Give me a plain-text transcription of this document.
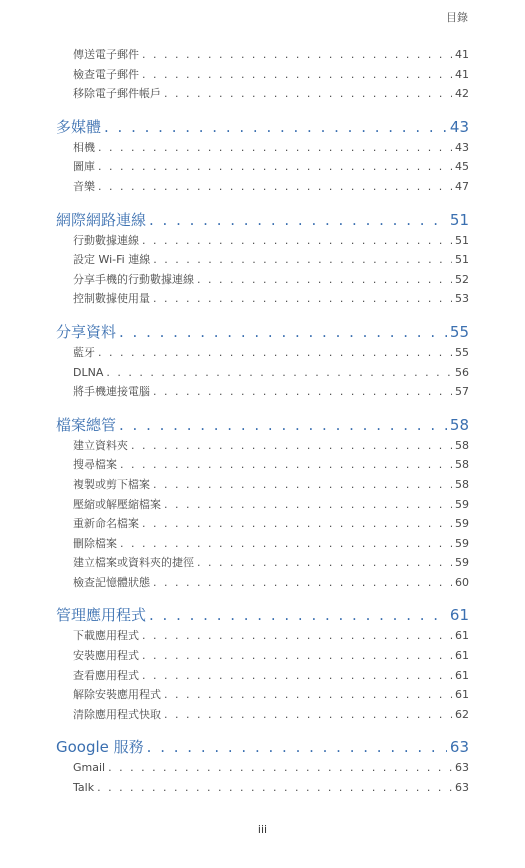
目錄
傳送電子郵件 . . .	41
檢查電子郵件 . . .	41
移除電子郵件帳戶 . . .	42
多媒體 . . .	43
相機 . . .	43
圖庫 . . .	45
音樂 . . .	47
網際網路連線 . . .	51
行動數據連線 . . .	51
設定 Wi-Fi 連線 . . .	51
分享手機的行動數據連線 . . .	52
控制數據使用量 . . .	53
分享資料 . . .	55
藍牙 . . .	55
DLNA . . .	56
將手機連接電腦 . . .	57
檔案總管 . . .	58
建立資料夾 . . .	58
搜尋檔案 . . .	58
複製或剪下檔案 . . .	58
壓縮或解壓縮檔案 . . .	59
重新命名檔案 . . .	59
刪除檔案 . . .	59
建立檔案或資料夾的捷徑 . . .	59
檢查記憶體狀態 . . .	60
管理應用程式 . . .	61
下載應用程式 . . .	61
安裝應用程式 . . .	61
查看應用程式 . . .	61
解除安裝應用程式 . . .	61
清除應用程式快取 . . .	62
Google 服務 . . .	63
Gmail . . .	63
Talk . . .	63
iii
